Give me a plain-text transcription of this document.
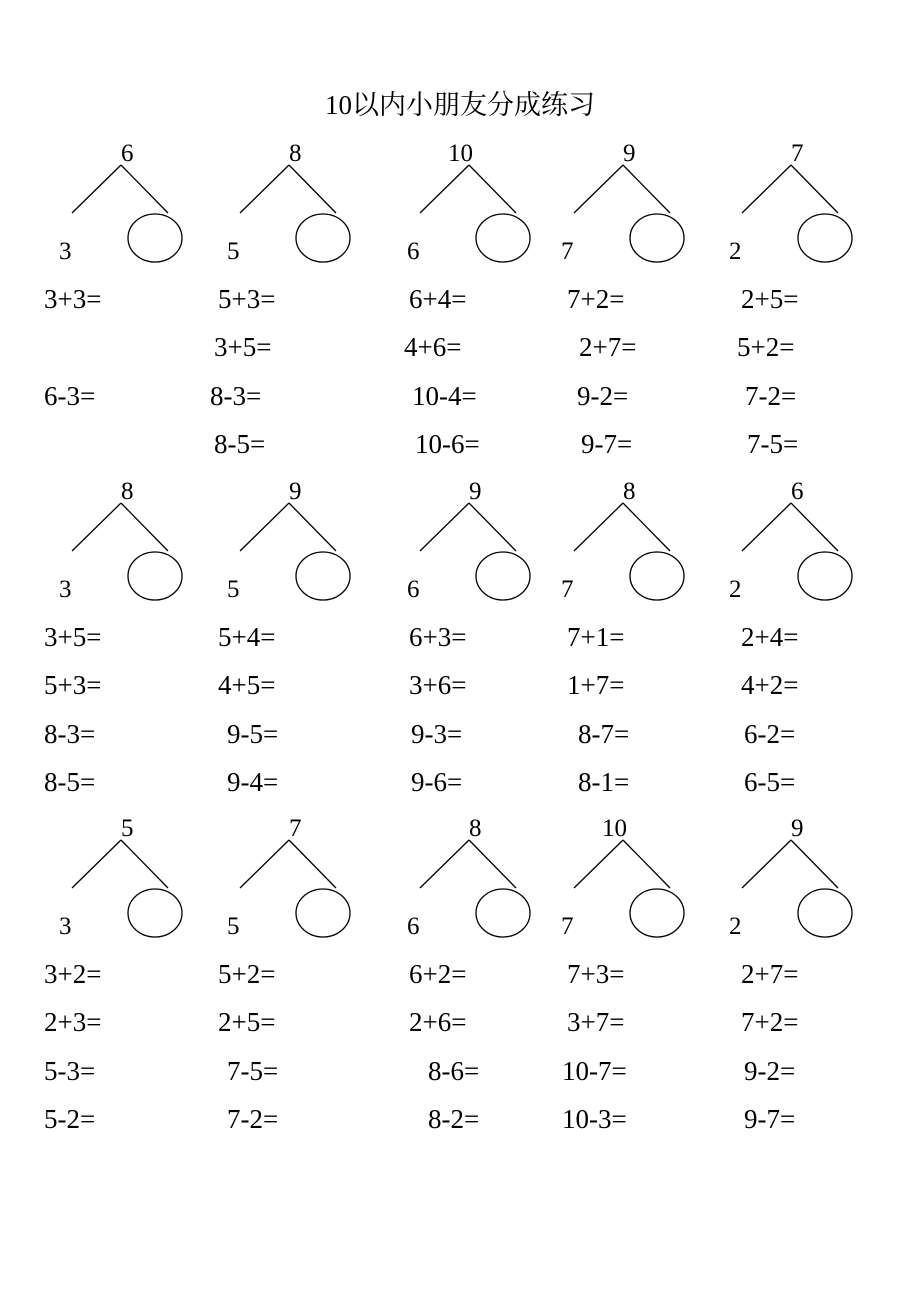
10以内小朋友分成练习
6
3
3+3=
6-3=
8
5
5+3=
3+5=
8-3=
8-5=
10
6
6+4=
4+6=
10-4=
10-6=
9
7
7+2=
2+7=
9-2=
9-7=
7
2
2+5=
5+2=
7-2=
7-5=
8
3
3+5=
5+3=
8-3=
8-5=
9
5
5+4=
4+5=
9-5=
9-4=
9
6
6+3=
3+6=
9-3=
9-6=
8
7
7+1=
1+7=
8-7=
8-1=
6
2
2+4=
4+2=
6-2=
6-5=
5
3
3+2=
2+3=
5-3=
5-2=
7
5
5+2=
2+5=
7-5=
7-2=
8
6
6+2=
2+6=
8-6=
8-2=
10
7
7+3=
3+7=
10-7=
10-3=
9
2
2+7=
7+2=
9-2=
9-7=
